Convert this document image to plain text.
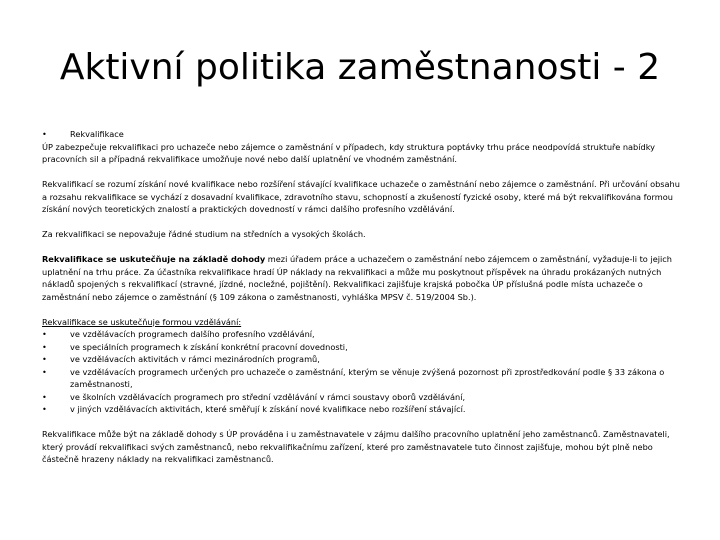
Aktivní politika zaměstnanosti - 2
•	Rekvalifikace

ÚP zabezpečuje rekvalifikaci pro uchazeče nebo zájemce o zaměstnání v případech, kdy struktura poptávky trhu práce neodpovídá struktuře nabídky pracovních sil a případná rekvalifikace umožňuje nové nebo další uplatnění ve vhodném zaměstnání.

Rekvalifikací se rozumí získání nové kvalifikace nebo rozšíření stávající kvalifikace uchazeče o zaměstnání nebo zájemce o zaměstnání. Při určování obsahu a rozsahu rekvalifikace se vychází z dosavadní kvalifikace, zdravotního stavu, schopností a zkušeností fyzické osoby, které má být rekvalifikována formou získání nových teoretických znalostí a praktických dovedností v rámci dalšího profesního vzdělávání.

Za rekvalifikaci se nepovažuje řádné studium na středních a vysokých školách.

Rekvalifikace se uskutečňuje na základě dohody mezi úřadem práce a uchazečem o zaměstnání nebo zájemcem o zaměstnání, vyžaduje-li to jejich uplatnění na trhu práce. Za účastníka rekvalifikace hradí ÚP náklady na rekvalifikaci a může mu poskytnout příspěvek na úhradu prokázaných nutných nákladů spojených s rekvalifikací (stravné, jízdné, nocležné, pojištění). Rekvalifikaci zajišťuje krajská pobočka ÚP příslušná podle místa uchazeče o zaměstnání nebo zájemce o zaměstnání (§ 109 zákona o zaměstnanosti, vyhláška MPSV č. 519/2004 Sb.).

Rekvalifikace se uskutečňuje formou vzdělávání:

•	ve vzdělávacích programech dalšího profesního vzdělávání,
•	ve speciálních programech k získání konkrétní pracovní dovednosti,
•	ve vzdělávacích aktivitách v rámci mezinárodních programů,
•	ve vzdělávacích programech určených pro uchazeče o zaměstnání, kterým se věnuje zvýšená pozornost při zprostředkování podle § 33 zákona o zaměstnanosti,
•	ve školních vzdělávacích programech pro střední vzdělávání v rámci soustavy oborů vzdělávání,
•	v jiných vzdělávacích aktivitách, které směřují k získání nové kvalifikace nebo rozšíření stávající.

Rekvalifikace může být na základě dohody s ÚP prováděna i u zaměstnavatele v zájmu dalšího pracovního uplatnění jeho zaměstnanců. Zaměstnavateli, který provádí rekvalifikaci svých zaměstnanců, nebo rekvalifikačnímu zařízení, které pro zaměstnavatele tuto činnost zajišťuje, mohou být plně nebo částečně hrazeny náklady na rekvalifikaci zaměstnanců.
